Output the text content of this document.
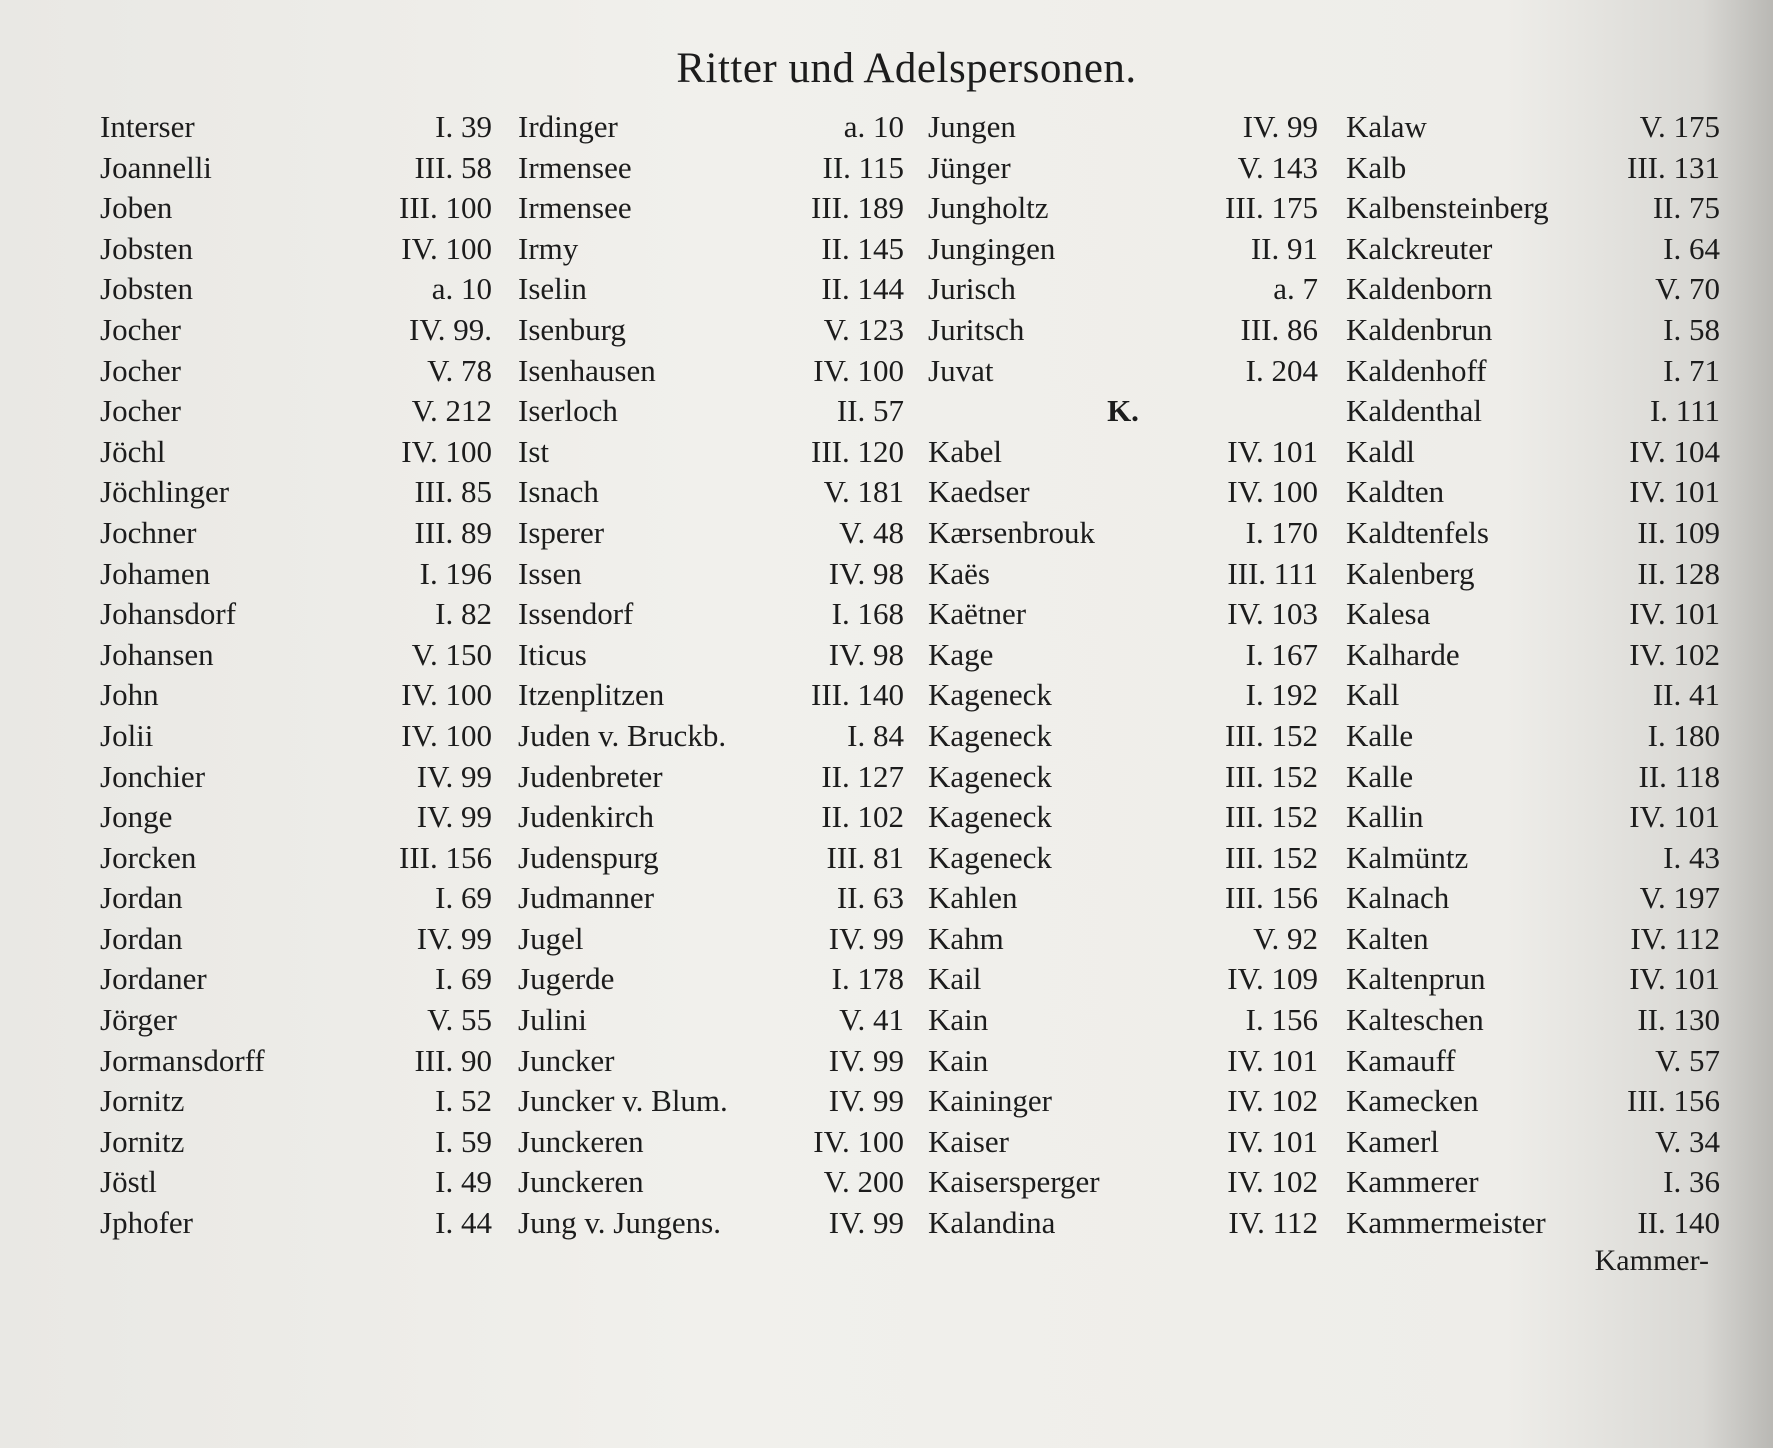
Ritter und Adelspersonen.
Interser	I. 39
Joannelli	III. 58
Joben	III. 100
Jobsten	IV. 100
Jobsten	a. 10
Jocher	IV. 99.
Jocher	V. 78
Jocher	V. 212
Jöchl	IV. 100
Jöchlinger	III. 85
Jochner	III. 89
Johamen	I. 196
Johansdorf	I. 82
Johansen	V. 150
John	IV. 100
Jolii	IV. 100
Jonchier	IV. 99
Jonge	IV. 99
Jorcken	III. 156
Jordan	I. 69
Jordan	IV. 99
Jordaner	I. 69
Jörger	V. 55
Jormansdorff	III. 90
Jornitz	I. 52
Jornitz	I. 59
Jöstl	I. 49
Jphofer	I. 44
Irdinger	a. 10
Irmensee	II. 115
Irmensee	III. 189
Irmy	II. 145
Iselin	II. 144
Isenburg	V. 123
Isenhausen	IV. 100
Iserloch	II. 57
Ist	III. 120
Isnach	V. 181
Isperer	V. 48
Issen	IV. 98
Issendorf	I. 168
Iticus	IV. 98
Itzenplitzen	III. 140
Juden v. Bruckb.	I. 84
Judenbreter	II. 127
Judenkirch	II. 102
Judenspurg	III. 81
Judmanner	II. 63
Jugel	IV. 99
Jugerde	I. 178
Julini	V. 41
Juncker	IV. 99
Juncker v. Blum.	IV. 99
Junckeren	IV. 100
Junckeren	V. 200
Jung v. Jungens.	IV. 99
Jungen	IV. 99
Jünger	V. 143
Jungholtz	III. 175
Jungingen	II. 91
Jurisch	a. 7
Juritsch	III. 86
Juvat	I. 204
K.
Kabel	IV. 101
Kaedser	IV. 100
Kærsenbrouk	I. 170
Kaës	III. 111
Kaëtner	IV. 103
Kage	I. 167
Kageneck	I. 192
Kageneck	III. 152
Kageneck	III. 152
Kageneck	III. 152
Kageneck	III. 152
Kahlen	III. 156
Kahm	V. 92
Kail	IV. 109
Kain	I. 156
Kain	IV. 101
Kaininger	IV. 102
Kaiser	IV. 101
Kaisersperger	IV. 102
Kalandina	IV. 112
Kalaw	V. 175
Kalb	III. 131
Kalbensteinberg	II. 75
Kalckreuter	I. 64
Kaldenborn	V. 70
Kaldenbrun	I. 58
Kaldenhoff	I. 71
Kaldenthal	I. 111
Kaldl	IV. 104
Kaldten	IV. 101
Kaldtenfels	II. 109
Kalenberg	II. 128
Kalesa	IV. 101
Kalharde	IV. 102
Kall	II. 41
Kalle	I. 180
Kalle	II. 118
Kallin	IV. 101
Kalmüntz	I. 43
Kalnach	V. 197
Kalten	IV. 112
Kaltenprun	IV. 101
Kalteschen	II. 130
Kamauff	V. 57
Kamecken	III. 156
Kamerl	V. 34
Kammerer	I. 36
Kammermeister	II. 140
Kammer-
